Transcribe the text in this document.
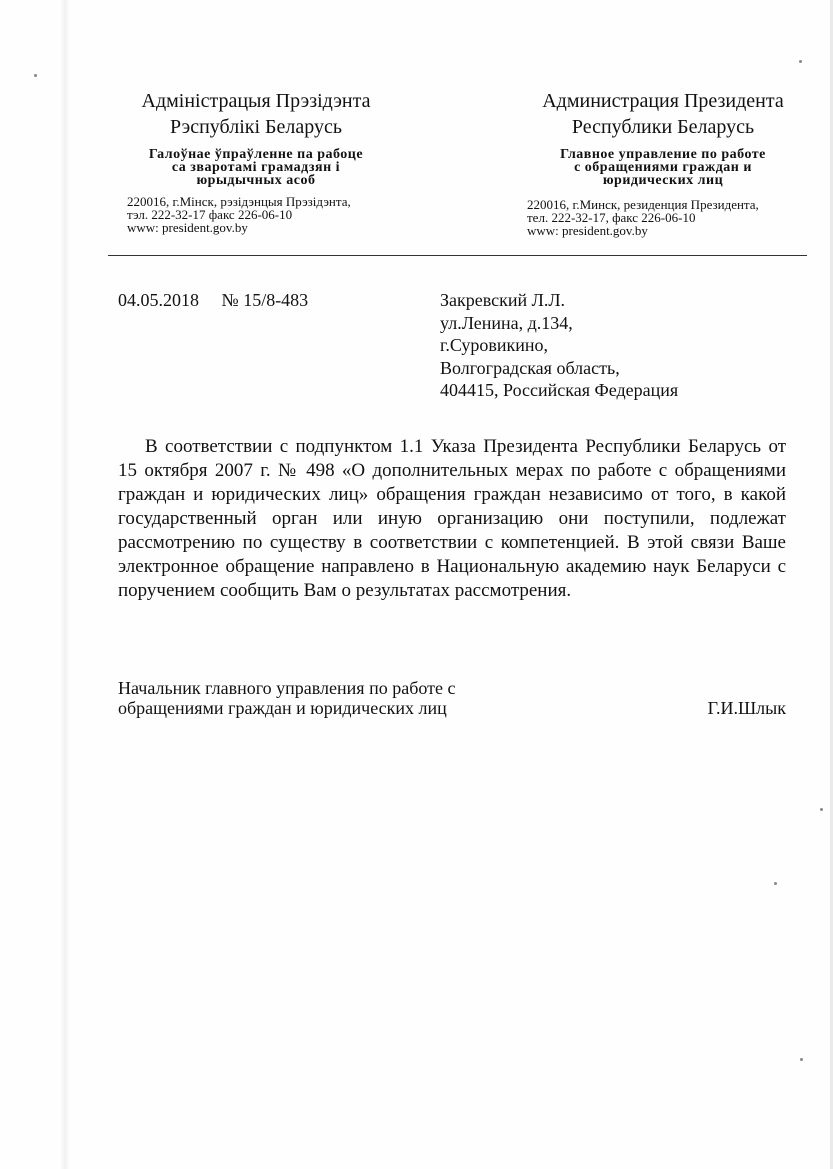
Адміністрацыя Прэзідэнта
Рэспублікі Беларусь
Галоўнае ўпраўленне па рабоце
са зваротамі грамадзян і
юрыдычных асоб
220016, г.Мінск, рэзідэнцыя Прэзідэнта,
тэл. 222-32-17 факс 226-06-10
www: president.gov.by
Администрация Президента
Республики Беларусь
Главное управление по работе
с обращениями граждан и
юридических лиц
220016, г.Минск, резиденция Президента,
тел. 222-32-17, факс 226-06-10
www: president.gov.by
04.05.2018 № 15/8-483	Закревский Л.Л.
ул.Ленина, д.134,
г.Суровикино,
Волгоградская область,
404415, Российская Федерация
В соответствии с подпунктом 1.1 Указа Президента Республики Беларусь от 15 октября 2007 г. № 498 «О дополнительных мерах по работе с обращениями граждан и юридических лиц» обращения граждан независимо от того, в какой государственный орган или иную организацию они поступили, подлежат рассмотрению по существу в соответствии с компетенцией. В этой связи Ваше электронное обращение направлено в Национальную академию наук Беларуси с поручением сообщить Вам о результатах рассмотрения.
Начальник главного управления по работе с
обращениями граждан и юридических лиц	Г.И.Шлык
